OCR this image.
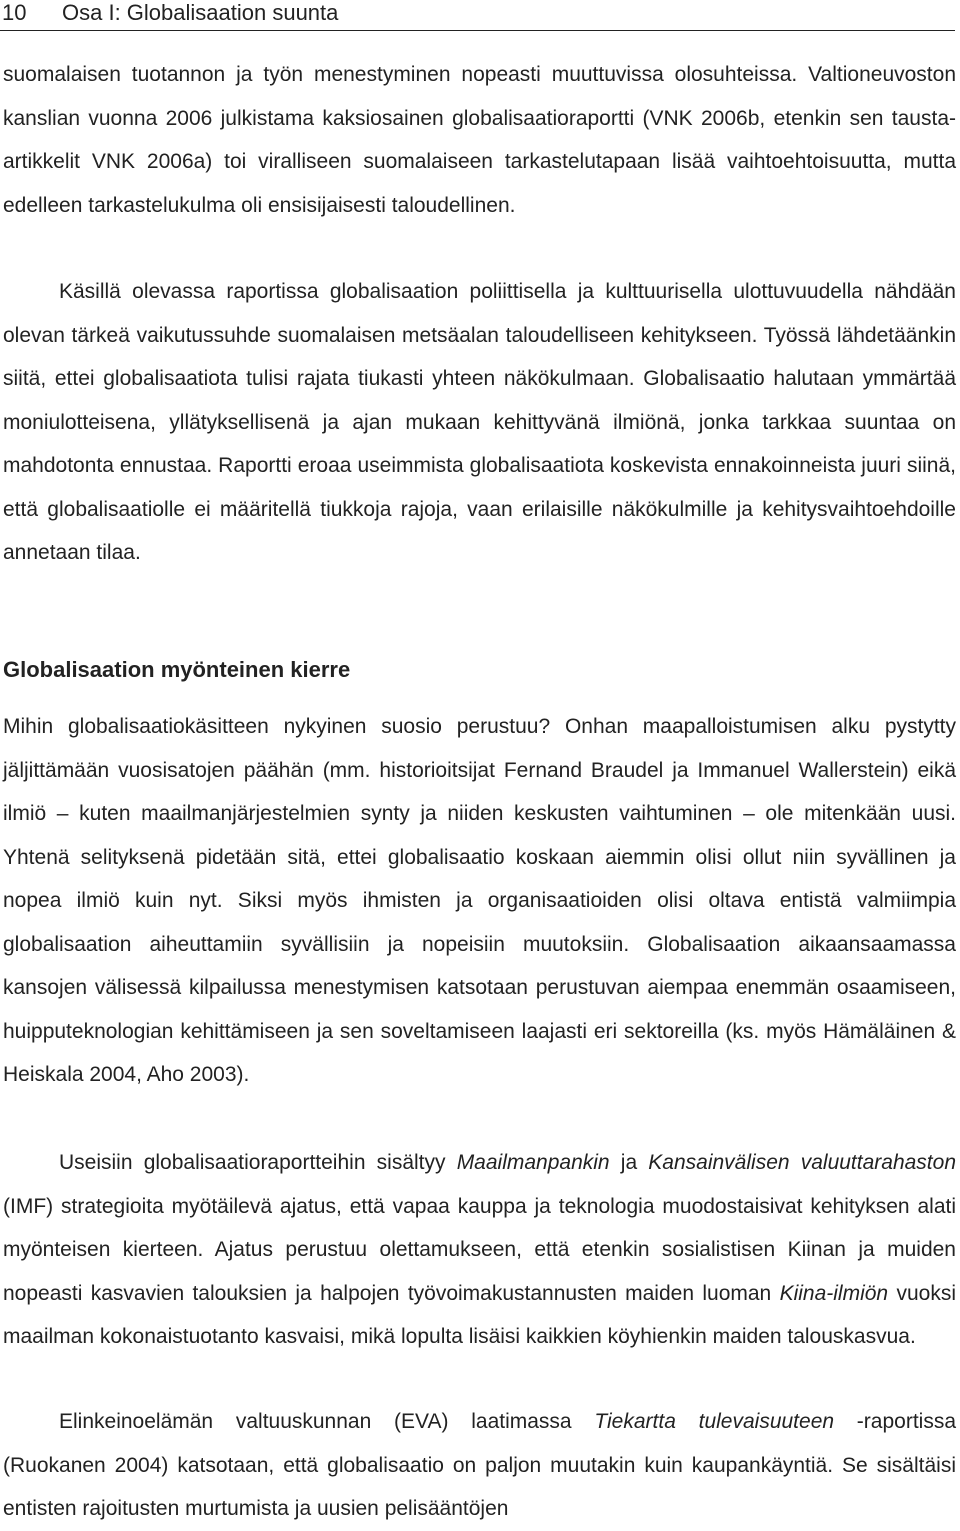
10 Osa I: Globalisaation suunta

suomalaisen tuotannon ja työn menestyminen nopeasti muuttuvissa olosuhteissa. Valtioneuvoston kanslian vuonna 2006 julkistama kaksiosainen globalisaatioraportti (VNK 2006b, etenkin sen tausta-artikkelit VNK 2006a) toi viralliseen suomalaiseen tarkastelutapaan lisää vaihtoehtoisuutta, mutta edelleen tarkastelukulma oli ensisijaisesti taloudellinen.

Käsillä olevassa raportissa globalisaation poliittisella ja kulttuurisella ulottuvuudella nähdään olevan tärkeä vaikutussuhde suomalaisen metsäalan taloudelliseen kehitykseen. Työssä lähdetäänkin siitä, ettei globalisaatiota tulisi rajata tiukasti yhteen näkökulmaan. Globalisaatio halutaan ymmärtää moniulotteisena, yllätyksellisenä ja ajan mukaan kehittyvänä ilmiönä, jonka tarkkaa suuntaa on mahdotonta ennustaa. Raportti eroaa useimmista globalisaatiota koskevista ennakoinneista juuri siinä, että globalisaatiolle ei määritellä tiukkoja rajoja, vaan erilaisille näkökulmille ja kehitysvaihtoehdoille annetaan tilaa.

Globalisaation myönteinen kierre

Mihin globalisaatiokäsitteen nykyinen suosio perustuu? Onhan maapalloistumisen alku pystytty jäljittämään vuosisatojen päähän (mm. historioitsijat Fernand Braudel ja Immanuel Wallerstein) eikä ilmiö – kuten maailmanjärjestelmien synty ja niiden keskusten vaihtuminen – ole mitenkään uusi. Yhtenä selityksenä pidetään sitä, ettei globalisaatio koskaan aiemmin olisi ollut niin syvällinen ja nopea ilmiö kuin nyt. Siksi myös ihmisten ja organisaatioiden olisi oltava entistä valmiimpia globalisaation aiheuttamiin syvällisiin ja nopeisiin muutoksiin. Globalisaation aikaansaamassa kansojen välisessä kilpailussa menestymisen katsotaan perustuvan aiempaa enemmän osaamiseen, huipputeknologian kehittämiseen ja sen soveltamiseen laajasti eri sektoreilla (ks. myös Hämäläinen & Heiskala 2004, Aho 2003).

Useisiin globalisaatioraportteihin sisältyy Maailmanpankin ja Kansainvälisen valuuttarahaston (IMF) strategioita myötäilevä ajatus, että vapaa kauppa ja teknologia muodostaisivat kehityksen alati myönteisen kierteen. Ajatus perustuu olettamukseen, että etenkin sosialistisen Kiinan ja muiden nopeasti kasvavien talouksien ja halpojen työvoimakustannusten maiden luoman Kiina-ilmiön vuoksi maailman kokonaistuotanto kasvaisi, mikä lopulta lisäisi kaikkien köyhienkin maiden talouskasvua.

Elinkeinoelämän valtuuskunnan (EVA) laatimassa Tiekartta tulevaisuuteen -raportissa (Ruokanen 2004) katsotaan, että globalisaatio on paljon muutakin kuin kaupankäyntiä. Se sisältäisi entisten rajoitusten murtumista ja uusien pelisääntöjen
